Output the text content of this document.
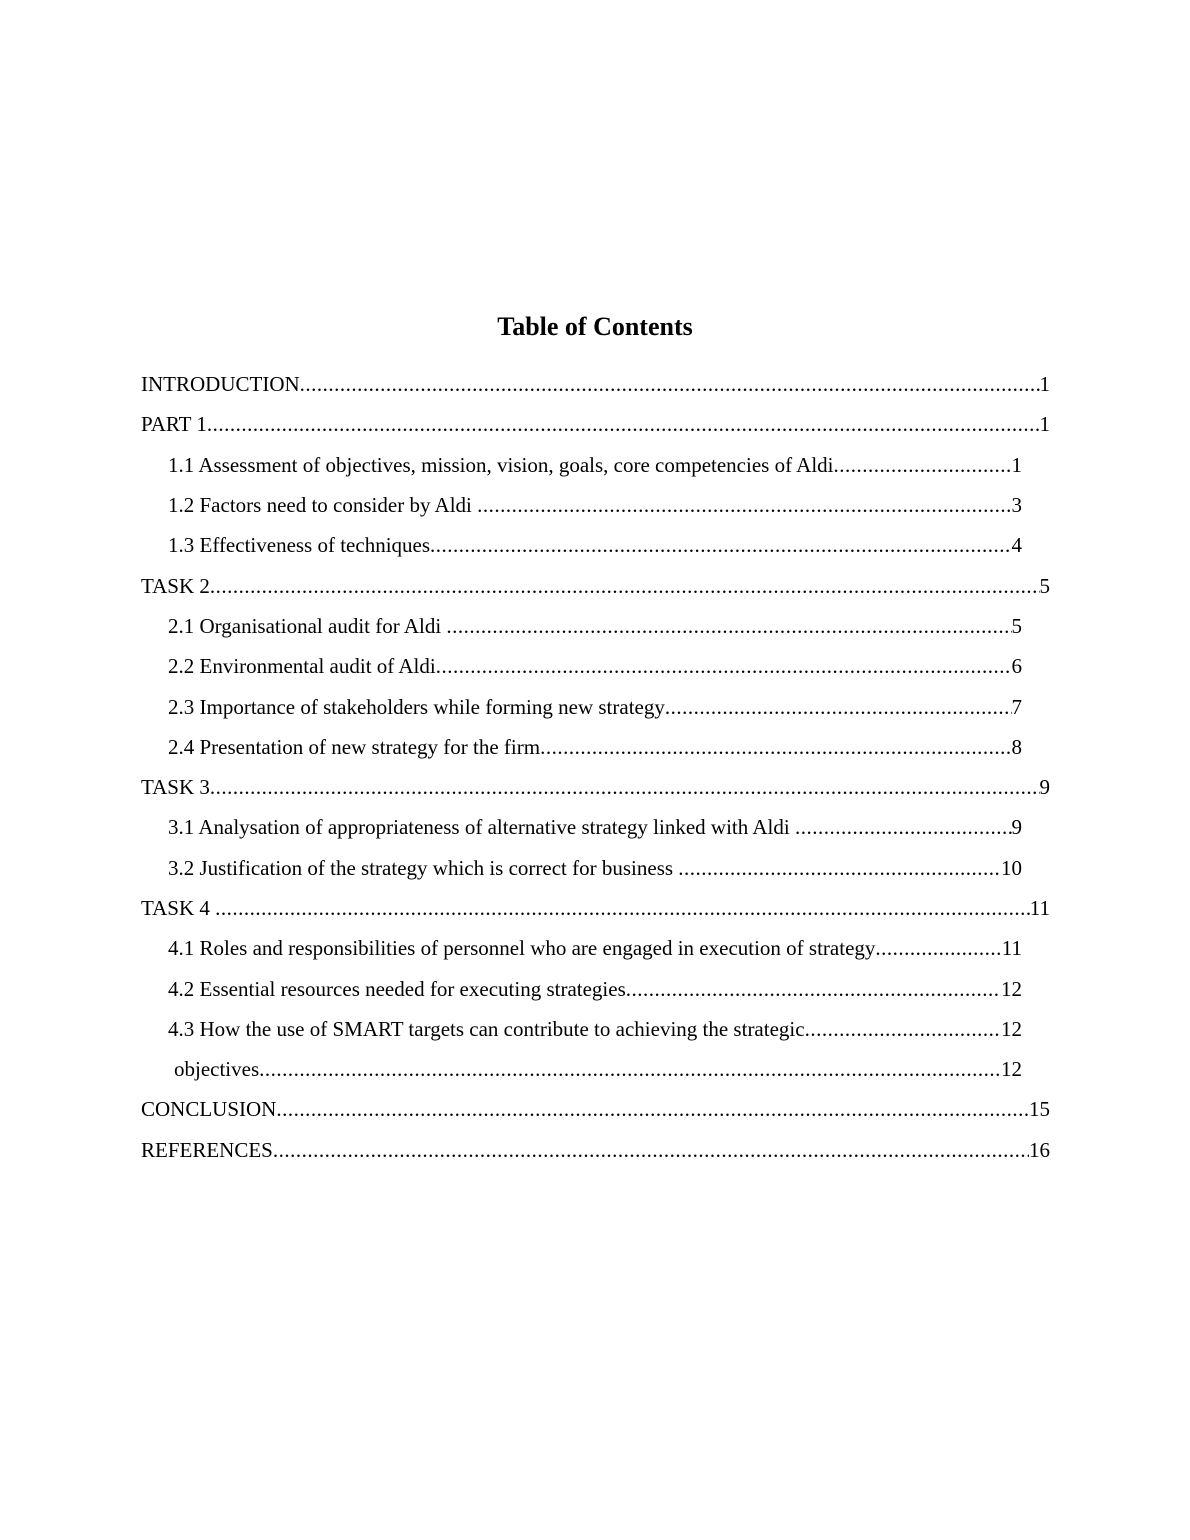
Table of Contents
INTRODUCTION .....	1
PART 1 .....	1
1.1 Assessment of objectives, mission, vision, goals, core competencies of Aldi .....	1
1.2 Factors need to consider by Aldi .....	3
1.3 Effectiveness of techniques .....	4
TASK 2 .....	5
2.1 Organisational audit for Aldi .....	5
2.2 Environmental audit of Aldi .....	6
2.3 Importance of stakeholders while forming new strategy .....	7
2.4 Presentation of new strategy for the firm .....	8
TASK 3 .....	9
3.1 Analysation of appropriateness of alternative strategy linked with Aldi .....	9
3.2 Justification of the strategy which is correct for business .....	10
TASK 4 .....	11
4.1 Roles and responsibilities of personnel who are engaged in execution of strategy .....	11
4.2 Essential resources needed for executing strategies .....	12
4.3 How the use of SMART targets can contribute to achieving the strategic .....	12
objectives .....	12
CONCLUSION .....	15
REFERENCES .....	16
